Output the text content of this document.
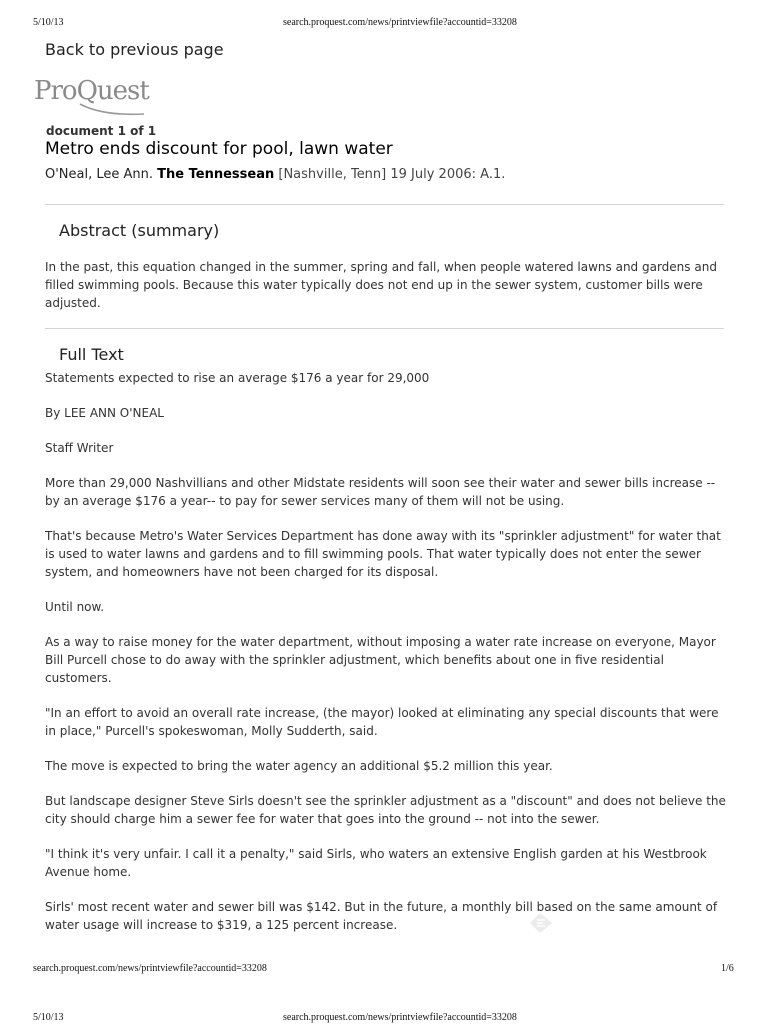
5/10/13	search.proquest.com/news/printviewfile?accountid=33208
Back to previous page
ProQuest
document 1 of 1
Metro ends discount for pool, lawn water
O'Neal, Lee Ann. The Tennessean [Nashville, Tenn] 19 July 2006: A.1.
Abstract (summary)

In the past, this equation changed in the summer, spring and fall, when people watered lawns and gardens and filled swimming pools. Because this water typically does not end up in the sewer system, customer bills were adjusted.

Full Text

Statements expected to rise an average $176 a year for 29,000

By LEE ANN O'NEAL

Staff Writer

More than 29,000 Nashvillians and other Midstate residents will soon see their water and sewer bills increase -- by an average $176 a year-- to pay for sewer services many of them will not be using.

That's because Metro's Water Services Department has done away with its "sprinkler adjustment" for water that is used to water lawns and gardens and to fill swimming pools. That water typically does not enter the sewer system, and homeowners have not been charged for its disposal.

Until now.

As a way to raise money for the water department, without imposing a water rate increase on everyone, Mayor Bill Purcell chose to do away with the sprinkler adjustment, which benefits about one in five residential customers.

"In an effort to avoid an overall rate increase, (the mayor) looked at eliminating any special discounts that were in place," Purcell's spokeswoman, Molly Sudderth, said.

The move is expected to bring the water agency an additional $5.2 million this year.

But landscape designer Steve Sirls doesn't see the sprinkler adjustment as a "discount" and does not believe the city should charge him a sewer fee for water that goes into the ground -- not into the sewer.

"I think it's very unfair. I call it a penalty," said Sirls, who waters an extensive English garden at his Westbrook Avenue home.

Sirls' most recent water and sewer bill was $142. But in the future, a monthly bill based on the same amount of water usage will increase to $319, a 125 percent increase.

search.proquest.com/news/printviewfile?accountid=33208	1/6
5/10/13	search.proquest.com/news/printviewfile?accountid=33208
